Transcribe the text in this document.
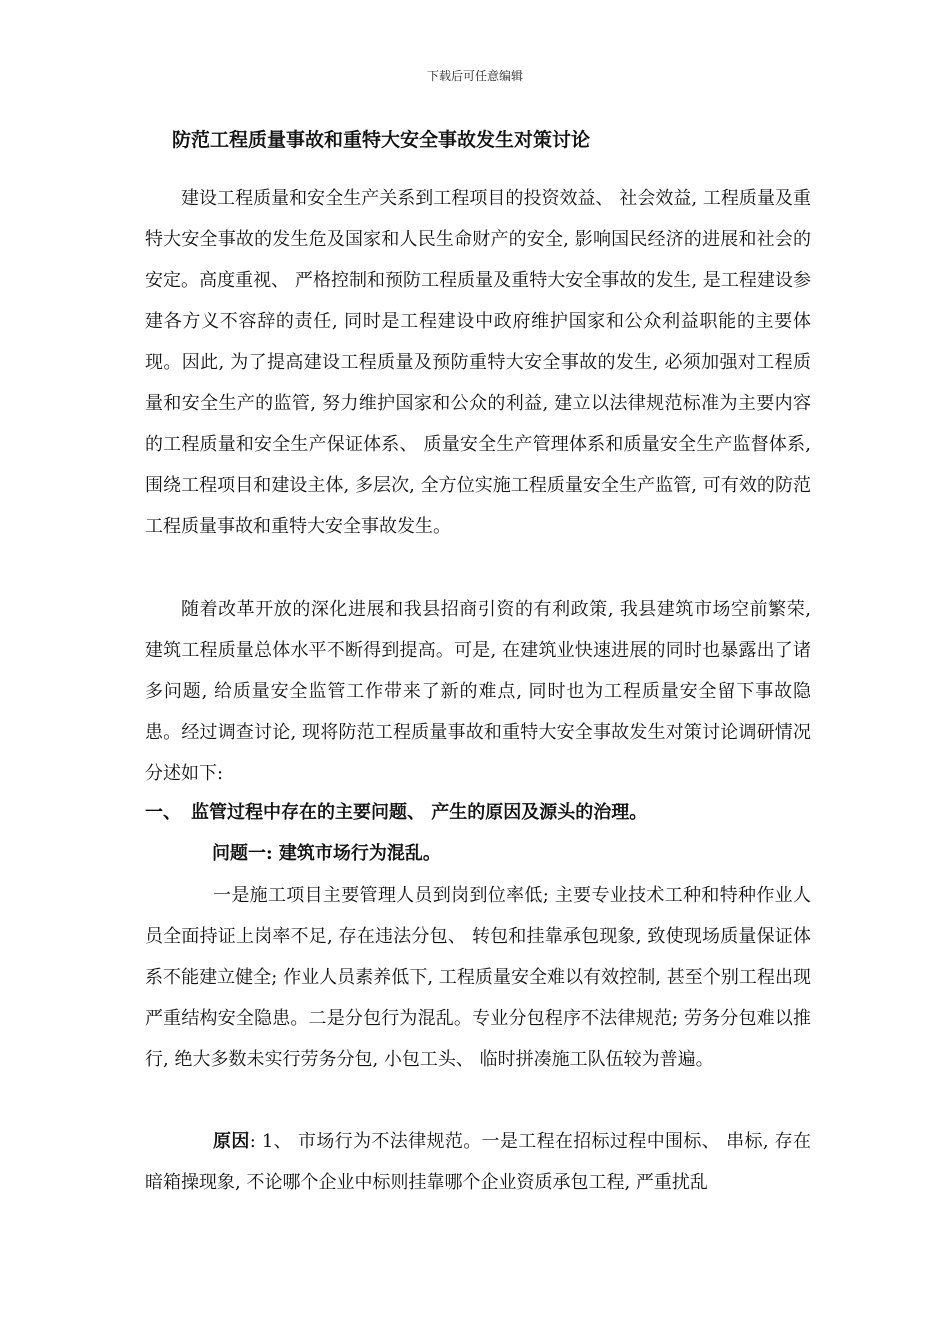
下载后可任意编辑
防范工程质量事故和重特大安全事故发生对策讨论
建设工程质量和安全生产关系到工程项目的投资效益、 社会效益, 工程质量及重特大安全事故的发生危及国家和人民生命财产的安全, 影响国民经济的进展和社会的安定。高度重视、 严格控制和预防工程质量及重特大安全事故的发生, 是工程建设参建各方义不容辞的责任, 同时是工程建设中政府维护国家和公众利益职能的主要体现。因此, 为了提高建设工程质量及预防重特大安全事故的发生, 必须加强对工程质量和安全生产的监管, 努力维护国家和公众的利益, 建立以法律规范标准为主要内容的工程质量和安全生产保证体系、 质量安全生产管理体系和质量安全生产监督体系, 围绕工程项目和建设主体, 多层次, 全方位实施工程质量安全生产监管, 可有效的防范工程质量事故和重特大安全事故发生。
随着改革开放的深化进展和我县招商引资的有利政策, 我县建筑市场空前繁荣, 建筑工程质量总体水平不断得到提高。可是, 在建筑业快速进展的同时也暴露出了诸多问题, 给质量安全监管工作带来了新的难点, 同时也为工程质量安全留下事故隐患。经过调查讨论, 现将防范工程质量事故和重特大安全事故发生对策讨论调研情况分述如下:
一、 监管过程中存在的主要问题、 产生的原因及源头的治理。
问题一: 建筑市场行为混乱。
一是施工项目主要管理人员到岗到位率低; 主要专业技术工种和特种作业人员全面持证上岗率不足, 存在违法分包、 转包和挂靠承包现象, 致使现场质量保证体系不能建立健全; 作业人员素养低下, 工程质量安全难以有效控制, 甚至个别工程出现严重结构安全隐患。二是分包行为混乱。专业分包程序不法律规范; 劳务分包难以推行, 绝大多数未实行劳务分包, 小包工头、 临时拼凑施工队伍较为普遍。
原因: 1、 市场行为不法律规范。一是工程在招标过程中围标、 串标, 存在暗箱操现象, 不论哪个企业中标则挂靠哪个企业资质承包工程, 严重扰乱
